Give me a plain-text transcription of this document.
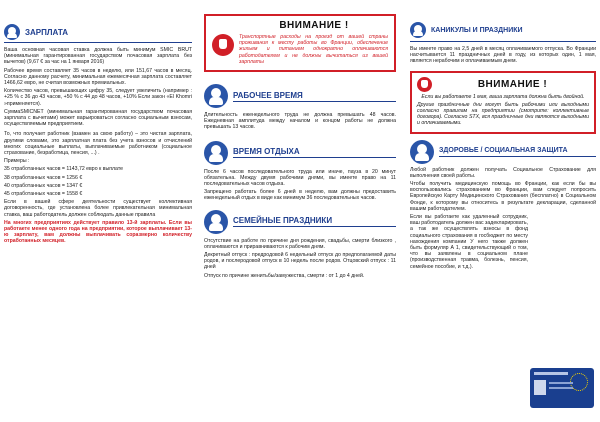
ЗАРПЛАТА

Ваша основная часовая ставка должна быть минимум SMIC BRUT (минимальная гарантированная государством почасовая зарплата без вычетов) (9,67 € за час на 1 января 2016)

Рабочее время составляет 35 часов в неделю, или 151,67 часов в месяц. Согласно данному расчету, минимальная ежемесячная зарплата составляет 1466,62 евро, не считая возможных премиальных.

Количество часов, превышающих цифру 35, следует увеличить (например : +25 % с 36 до 43 часов, +50 % с 44 до 48 часов, +10% Если закон «El Khomri »применяется).

СуммаSMICNET (минимальная гарантированная государством почасовая зарплата с вычетами) может варьироваться согласно социальным взносам, осуществляемым предприятием.

То, что получает работник (взамен за свою работу) – это чистая зарплата, другими словами, это зарплатная плата без учета взносов и отчислений многих социальные выплаты, выплачиваемые работником (социальное страхование, безработица, пенсия, ...) .

Примеры :

35 отработанных часов = 1143,72 евро к выплате

38 отработанных часов = 1256 €

40 отработанных часов = 1347 €

45 отработанных часов = 1558 €

Если в вашей сфере деятельности существует коллективная договоренность, где установлена более привлекательная минимальная ставка, ваш работодатель должен соблюдать данные правила

На многих предприятиях действует правило 13-й зарплаты. Если вы работаете менее одного года на предприятии, которое выплачивает 13-ю зарплату, вам должны выплачивать соразмерно количеству отработанных месяцев.

ВНИМАНИЕ !

Транспортные расходы на проезд от вашей страны проживания к месту работы во Франции, обеспечение жильем и питанием однократно оплачиваются работодателем и не должны вычитаться из вашей зарплаты

РАБОЧЕЕ ВРЕМЯ

Длительность еженедельного труда не должна превышать 48 часов. Ежедневная амплитуда между началом и концом работы не должна превышать 13 часов.

ВРЕМЯ ОТДЫХА

После 6 часов последовательного труда или иначе, пауза в 20 минут обязательна. Между двумя рабочими днями, вы имеете право на 11 последовательных часов отдыха.

Запрещено работать более 6 дней в неделю, вам должны предоставить еженедельный отдых в виде как минимум 36 последовательных часов.

СЕМЕЙНЫЕ ПРАЗДНИКИ

Отсутствие на работе по причине дня рождения, свадьбы, смерти близкого , оплачиваются и приравниваются к рабочим дням.

Декретный отпуск : предродовой 6 недельный отпуск до предполагаемой даты родов, и послеродовой отпуск в 10 недель после родов. Отцовский отпуск : 11 дней

Отпуск по причине женитьбы/замужества, смерти : от 1 до 4 дней.

КАНИКУЛЫ И ПРАЗДНИКИ

Вы имеете право на 2,5 дней в месяц оплачиваемого отпуска. Во Франции насчитывается 11 праздничных дней в году, из которых один, 1 мая, является нерабочим и оплачиваемым днем.

ВНИМАНИЕ !

Если вы работаете 1 мая, ваша зарплата должна быть двойной.

Другие праздничные дни могут быть рабочими или выходными согласно правилам на предприятии (смотрите: коллективные договора). Согласно STX, вся праздничные дни являются выходными и оплачиваемыми.

ЗДОРОВЬЕ / СОЦИАЛЬНАЯ ЗАЩИТА

Любой работник должен получать Социальное Страхование для выполнения своей работы.

Чтобы получить медицинскую помощь во Франции, как если бы вы воспользовались страхованием во Франции, вам следует попросить Европейскую Карту Медицинского Страхования (бесплатно) в Социальном Фонде, к которому вы относитесь в результате декларации, сделанной вашим работодателем.

Если вы работаете как удаленный сотрудник, ваш работодатель должен вас задекларировать, а так же осуществлять взносы в фонд социального страхования в госбюджет по месту нахождения компании У него также должен быть формуляр А 1, свидетельствующий о том, что вы заявлены в социальном плане (производственная травма, болезнь, пенсия, семейное пособие, и т.д.).
